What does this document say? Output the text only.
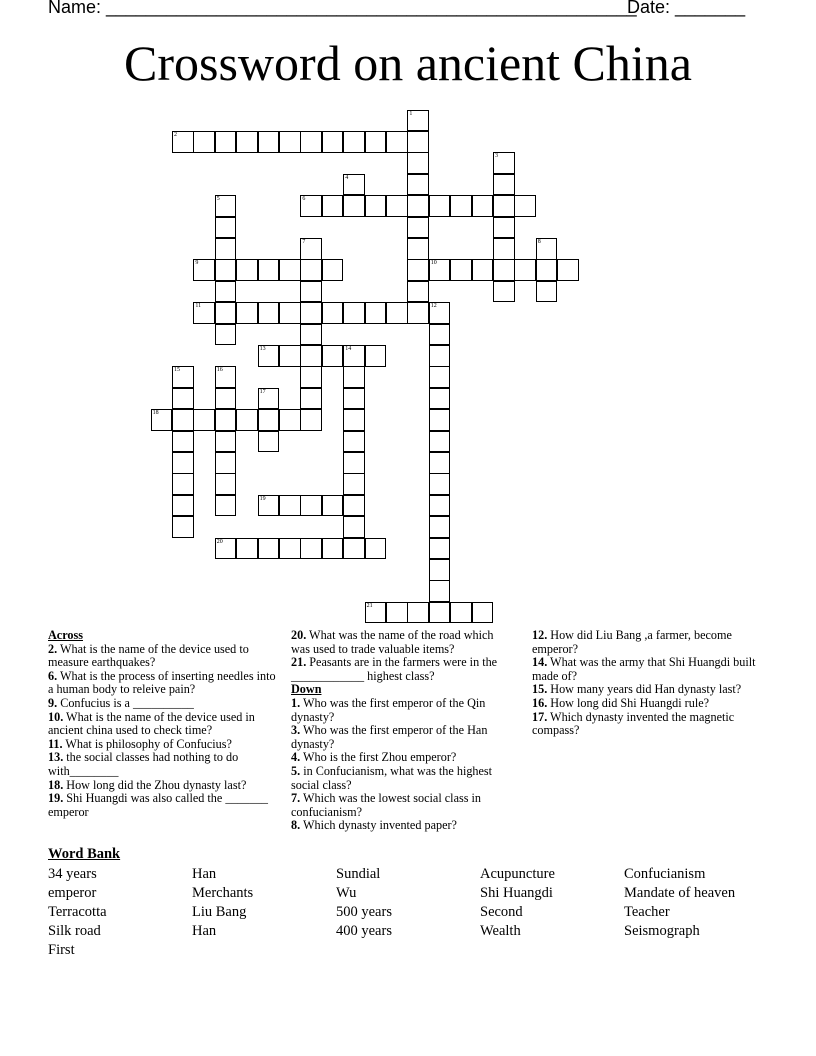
Name: _____________________________________________________
Date: _______
Crossword on ancient China
1
2
3
4
5	6
7	8
9	10
11	12
13	14
15	16
17
18
19
20
21
Across
2. What is the name of the device used to measure earthquakes?
6. What is the process of inserting needles into a human body to releive pain?
9. Confucius is a __________
10. What is the name of the device used in ancient china used to check time?
11. What is philosophy of Confucius?
13. the social classes had nothing to do with________
18. How long did the Zhou dynasty last?
19. Shi Huangdi was also called the _______ emperor
20. What was the name of the road which was used to trade valuable items?
21. Peasants are in the farmers were in the ____________ highest class?
Down
1. Who was the first emperor of the Qin dynasty?
3. Who was the first emperor of the Han dynasty?
4. Who is the first Zhou emperor?
5. in Confucianism, what was the highest social class?
7. Which was the lowest social class in confucianism?
8. Which dynasty invented paper?
12. How did Liu Bang ,a farmer, become emperor?
14. What was the army that Shi Huangdi built made of?
15. How many years did Han dynasty last?
16. How long did Shi Huangdi rule?
17. Which dynasty invented the magnetic compass?
Word Bank
34 years
emperor
Terracotta
Silk road
First
Han
Merchants
Liu Bang
Han
Sundial
Wu
500 years
400 years
Acupuncture
Shi Huangdi
Second
Wealth
Confucianism
Mandate of heaven
Teacher
Seismograph
